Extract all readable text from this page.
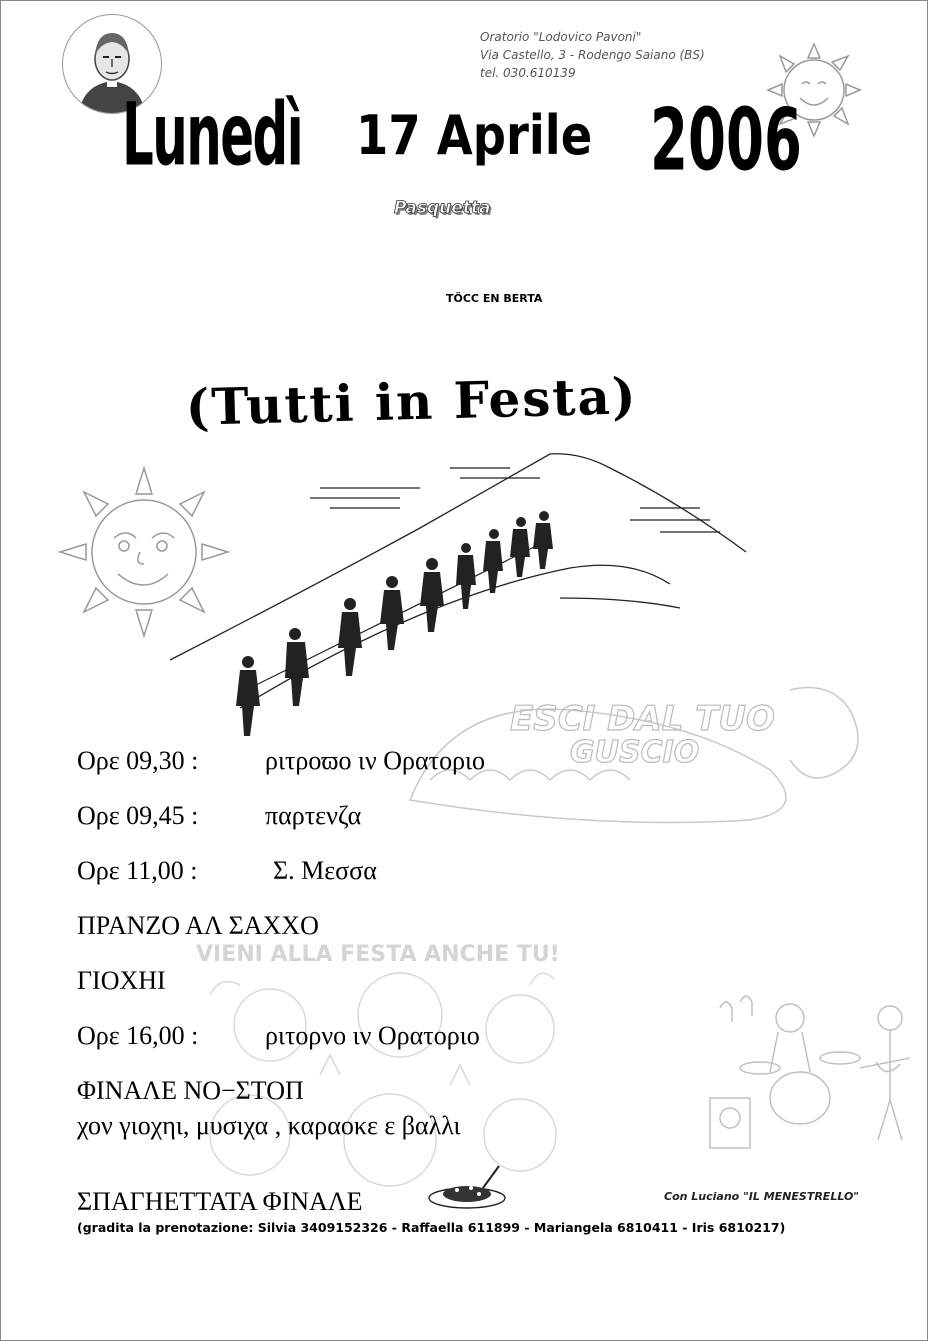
Oratorio "Lodovico Pavoni"
Via Castello, 3 - Rodengo Saiano (BS)
tel. 030.610139
Lunedì 17 Aprile 2006
Pasquetta
TÖCC EN BERTA
(Tutti in Festa)
ESCI DAL TUO
GUSCIO
VIENI ALLA FESTA ANCHE TU!
Ορε 09,30 :	ριτροϖο ιν Ορατοριο
Ορε 09,45 :	παρτενζα
Ορε 11,00 :	Σ. Μεσσα
ΠΡΑΝΖΟ ΑΛ ΣΑΧΧΟ
ΓΙΟΧΗΙ
Ορε 16,00 :	ριτορνο ιν Ορατοριο
ΦΙΝΑΛΕ ΝΟ−ΣΤΟΠ
χον γιοχηι, μυσιχα , καραοκε ε βαλλι
ΣΠΑΓΗΕΤΤΑΤΑ ΦΙΝΑΛΕ	Con Luciano "IL MENESTRELLO"
(gradita la prenotazione: Silvia 3409152326 - Raffaella 611899 - Mariangela 6810411 - Iris 6810217)
